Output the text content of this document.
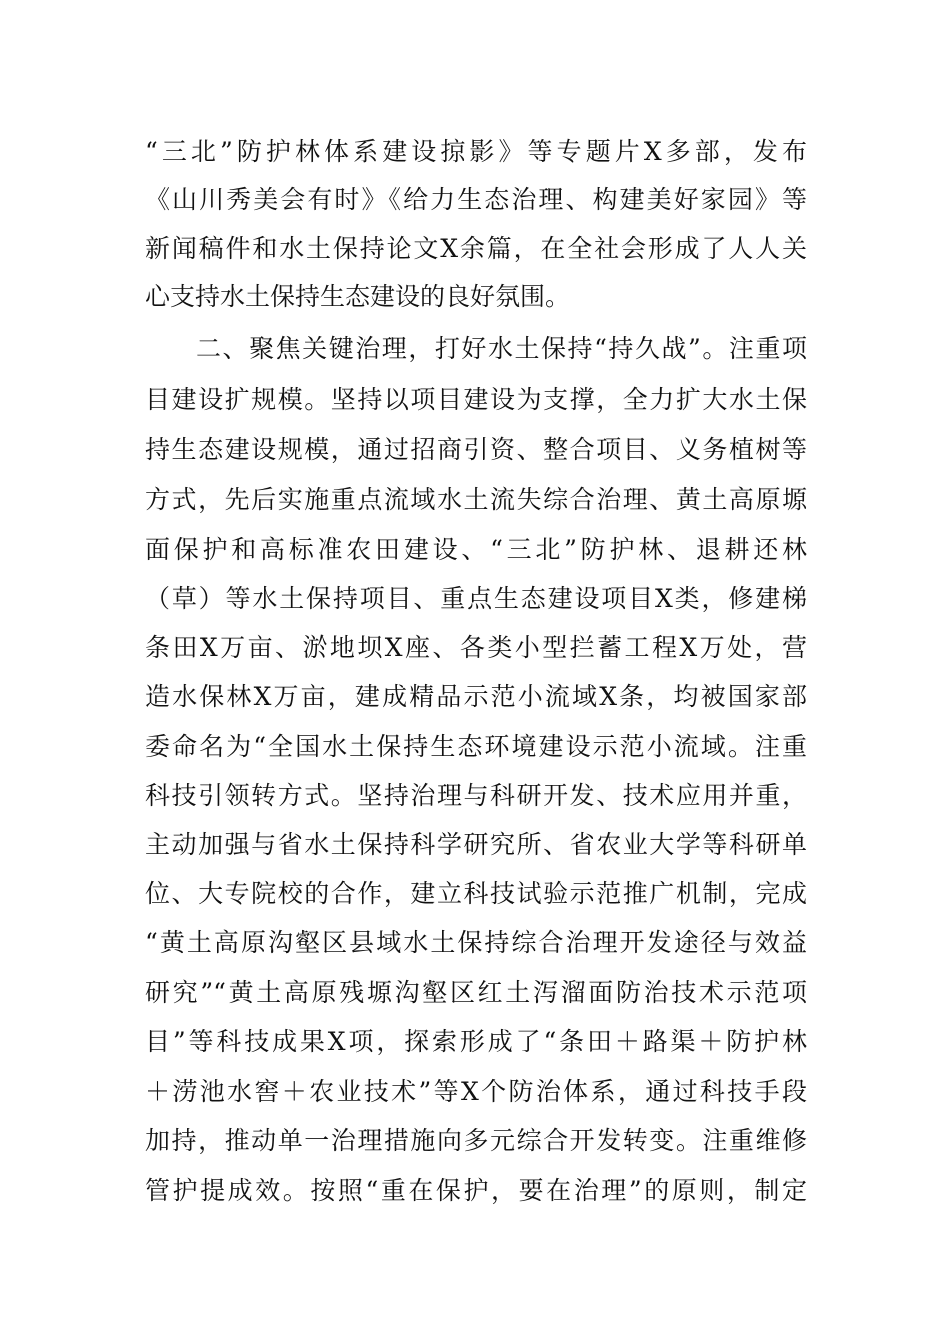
“三北”防护林体系建设掠影》等专题片X多部，发布
《山川秀美会有时》《给力生态治理、构建美好家园》等
新闻稿件和水土保持论文X余篇，在全社会形成了人人关
心支持水土保持生态建设的良好氛围。
二、聚焦关键治理，打好水土保持“持久战”。注重项
目建设扩规模。坚持以项目建设为支撑，全力扩大水土保
持生态建设规模，通过招商引资、整合项目、义务植树等
方式，先后实施重点流域水土流失综合治理、黄土高原塬
面保护和高标准农田建设、“三北”防护林、退耕还林
（草）等水土保持项目、重点生态建设项目X类，修建梯
条田X万亩、淤地坝X座、各类小型拦蓄工程X万处，营
造水保林X万亩，建成精品示范小流域X条，均被国家部
委命名为“全国水土保持生态环境建设示范小流域。注重
科技引领转方式。坚持治理与科研开发、技术应用并重，
主动加强与省水土保持科学研究所、省农业大学等科研单
位、大专院校的合作，建立科技试验示范推广机制，完成
“黄土高原沟壑区县域水土保持综合治理开发途径与效益
研究”“黄土高原残塬沟壑区红土泻溜面防治技术示范项
目”等科技成果X项，探索形成了“条田＋路渠＋防护林
＋涝池水窖＋农业技术”等X个防治体系，通过科技手段
加持，推动单一治理措施向多元综合开发转变。注重维修
管护提成效。按照“重在保护，要在治理”的原则，制定
